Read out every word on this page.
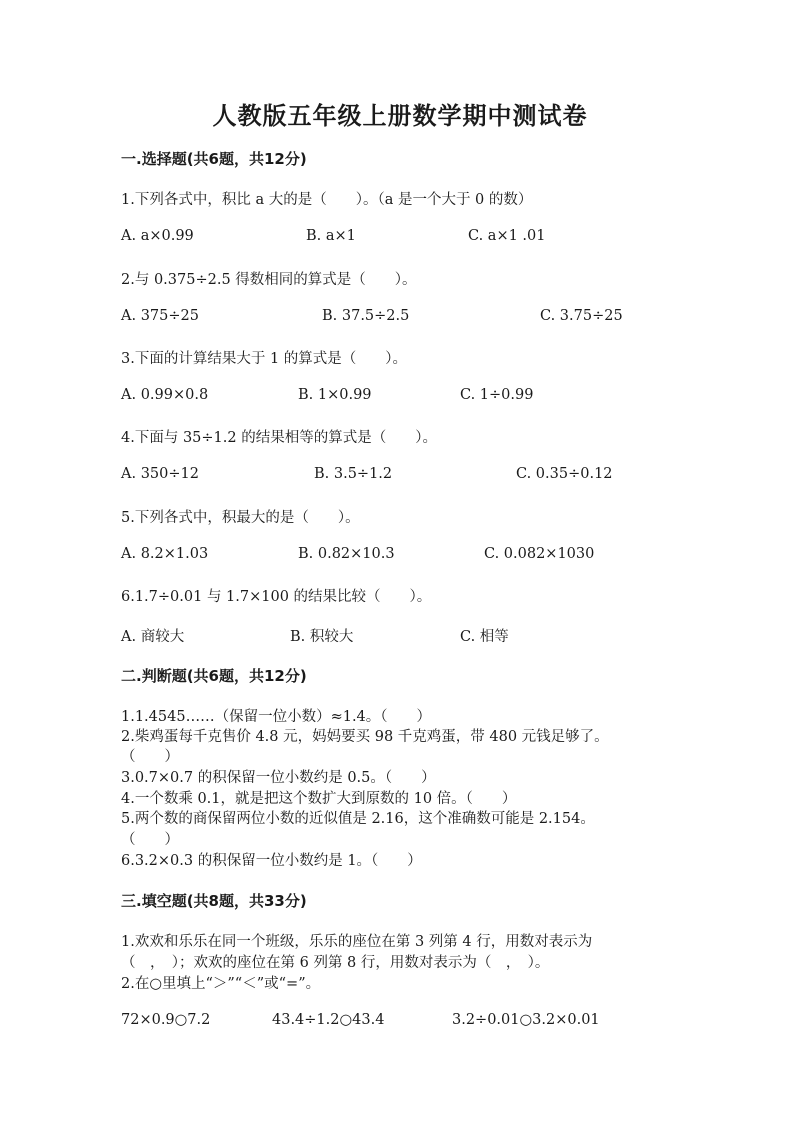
人教版五年级上册数学期中测试卷
一.选择题(共6题，共12分)
1.下列各式中，积比 a 大的是（　　）。（a 是一个大于 0 的数）
A. a×0.99	B. a×1	C. a×1 .01
2.与 0.375÷2.5 得数相同的算式是（　　）。
A. 375÷25	B. 37.5÷2.5	C. 3.75÷25
3.下面的计算结果大于 1 的算式是（　　）。
A. 0.99×0.8	B. 1×0.99	C. 1÷0.99
4.下面与 35÷1.2 的结果相等的算式是（　　）。
A. 350÷12	B. 3.5÷1.2	C. 0.35÷0.12
5.下列各式中，积最大的是（　　）。
A. 8.2×1.03	B. 0.82×10.3	C. 0.082×1030
6.1.7÷0.01 与 1.7×100 的结果比较（　　）。
A. 商较大	B. 积较大	C. 相等
二.判断题(共6题，共12分)
1.1.4545……（保留一位小数）≈1.4。（　　）
2.柴鸡蛋每千克售价 4.8 元，妈妈要买 98 千克鸡蛋，带 480 元钱足够了。
（　　）
3.0.7×0.7 的积保留一位小数约是 0.5。（　　）
4.一个数乘 0.1，就是把这个数扩大到原数的 10 倍。（　　）
5.两个数的商保留两位小数的近似值是 2.16，这个准确数可能是 2.154。
（　　）
6.3.2×0.3 的积保留一位小数约是 1。（　　）
三.填空题(共8题，共33分)
1.欢欢和乐乐在同一个班级，乐乐的座位在第 3 列第 4 行，用数对表示为
（　，　）；欢欢的座位在第 6 列第 8 行，用数对表示为（　，　）。
2.在○里填上“＞”“＜”或“=”。
72×0.9○7.2	43.4÷1.2○43.4	3.2÷0.01○3.2×0.01
